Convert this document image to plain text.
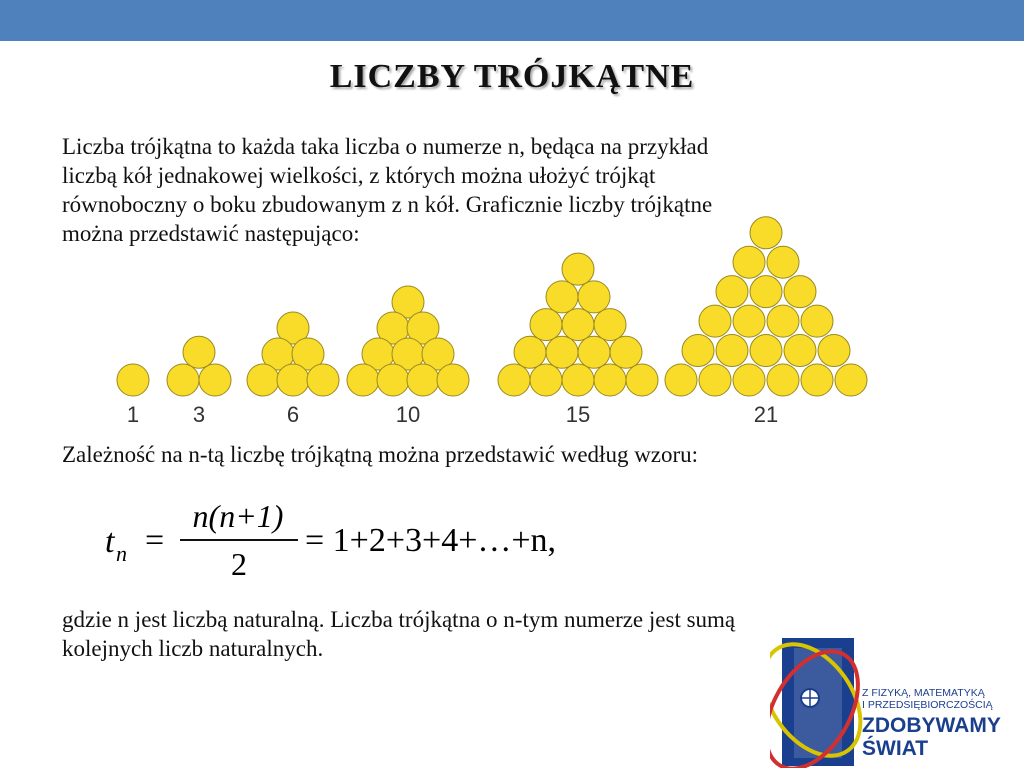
LICZBY TRÓJKĄTNE
Liczba trójkątna to każda taka liczba o numerze n, będąca na przykład
liczbą kół jednakowej wielkości, z których można ułożyć trójkąt
równoboczny o boku zbudowanym z n kół. Graficznie liczby trójkątne
można przedstawić następująco:
1 3	6	10	15	21
Zależność na n-tą liczbę trójkątną można przedstawić według wzoru:
t n =
n(n+1)
2
= 1+2+3+4+…+n,
gdzie n jest liczbą naturalną. Liczba trójkątna o n-tym numerze jest sumą
kolejnych liczb naturalnych.
Z FIZYKĄ, MATEMATYKĄ
I PRZEDSIĘBIORCZOŚCIĄ
ZDOBYWAMY
ŚWIAT
